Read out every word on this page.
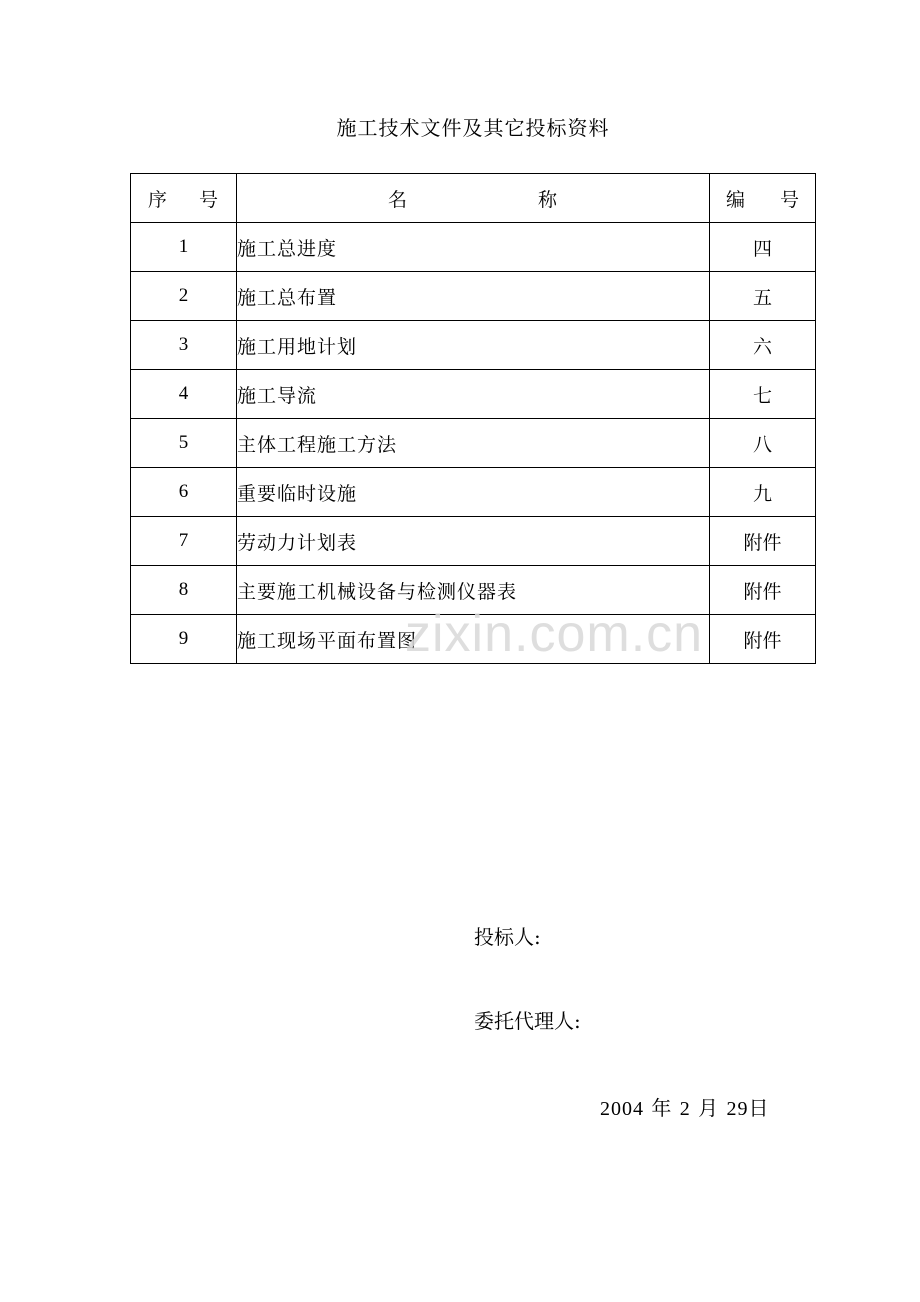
施工技术文件及其它投标资料
序 号	名 称	编 号

1	施工总进度	四
2	施工总布置	五
3	施工用地计划	六
4	施工导流	七
5	主体工程施工方法	八
6	重要临时设施	九
7	劳动力计划表	附件
8	主要施工机械设备与检测仪器表	附件
9	施工现场平面布置图	附件
zixin.com.cn
投标人:
委托代理人:
2004 年 2 月 29日
